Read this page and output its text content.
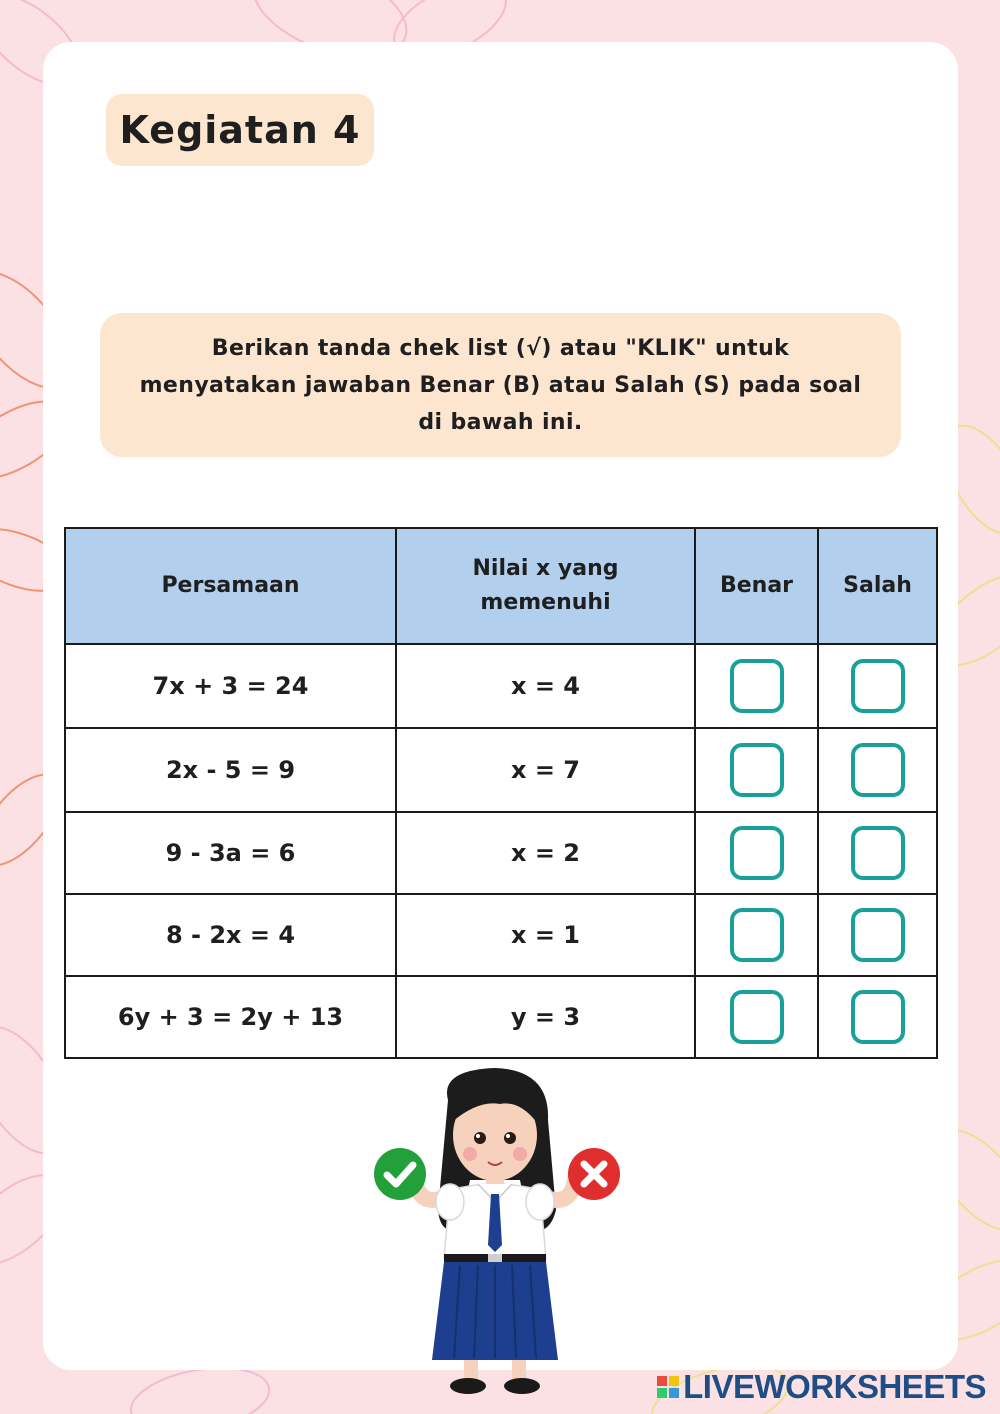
Kegiatan 4
Berikan tanda chek list (√) atau "KLIK" untuk menyatakan jawaban Benar (B) atau Salah (S) pada soal di bawah ini.
Persamaan	Nilai x yang memenuhi	Benar	Salah
7x + 3 = 24	x = 4		
2x - 5 = 9	x = 7		
9 - 3a = 6	x = 2		
8 - 2x = 4	x = 1		
6y + 3 = 2y + 13	y = 3		
LIVEWORKSHEETS
